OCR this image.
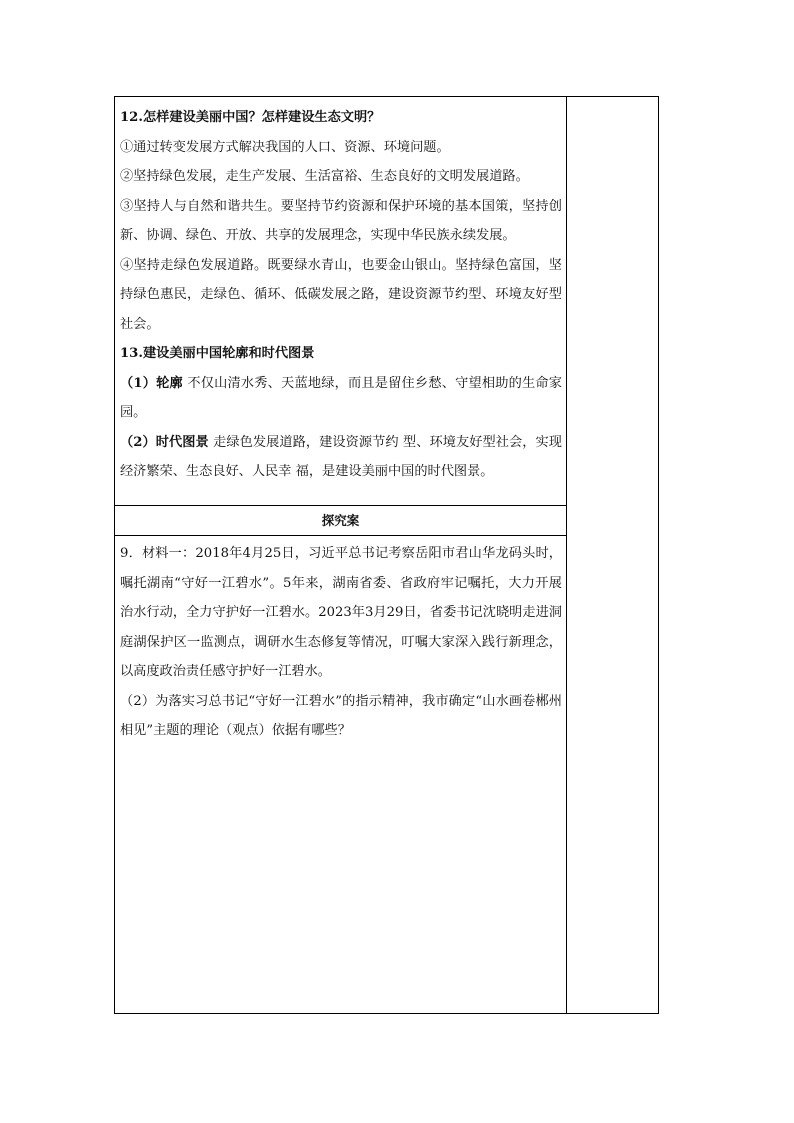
12.怎样建设美丽中国？怎样建设生态文明？

①通过转变发展方式解决我国的人口、资源、环境问题。

②坚持绿色发展，走生产发展、生活富裕、生态良好的文明发展道路。

③坚持人与自然和谐共生。要坚持节约资源和保护环境的基本国策，坚持创新、协调、绿色、开放、共享的发展理念，实现中华民族永续发展。

④坚持走绿色发展道路。既要绿水青山，也要金山银山。坚持绿色富国，坚持绿色惠民，走绿色、循环、低碳发展之路，建设资源节约型、环境友好型社会。

13.建设美丽中国轮廓和时代图景

（1）轮廓 不仅山清水秀、天蓝地绿，而且是留住乡愁、守望相助的生命家园。

（2）时代图景 走绿色发展道路，建设资源节约 型、环境友好型社会，实现经济繁荣、生态良好、人民幸 福，是建设美丽中国的时代图景。

探究案

9．材料一：2018年4月25日，习近平总书记考察岳阳市君山华龙码头时，嘱托湖南“守好一江碧水”。5年来，湖南省委、省政府牢记嘱托，大力开展治水行动，全力守护好一江碧水。2023年3月29日，省委书记沈晓明走进洞庭湖保护区一监测点，调研水生态修复等情况，叮嘱大家深入践行新理念，以高度政治责任感守护好一江碧水。

（2）为落实习总书记“守好一江碧水”的指示精神，我市确定“山水画卷郴州相见”主题的理论（观点）依据有哪些？
